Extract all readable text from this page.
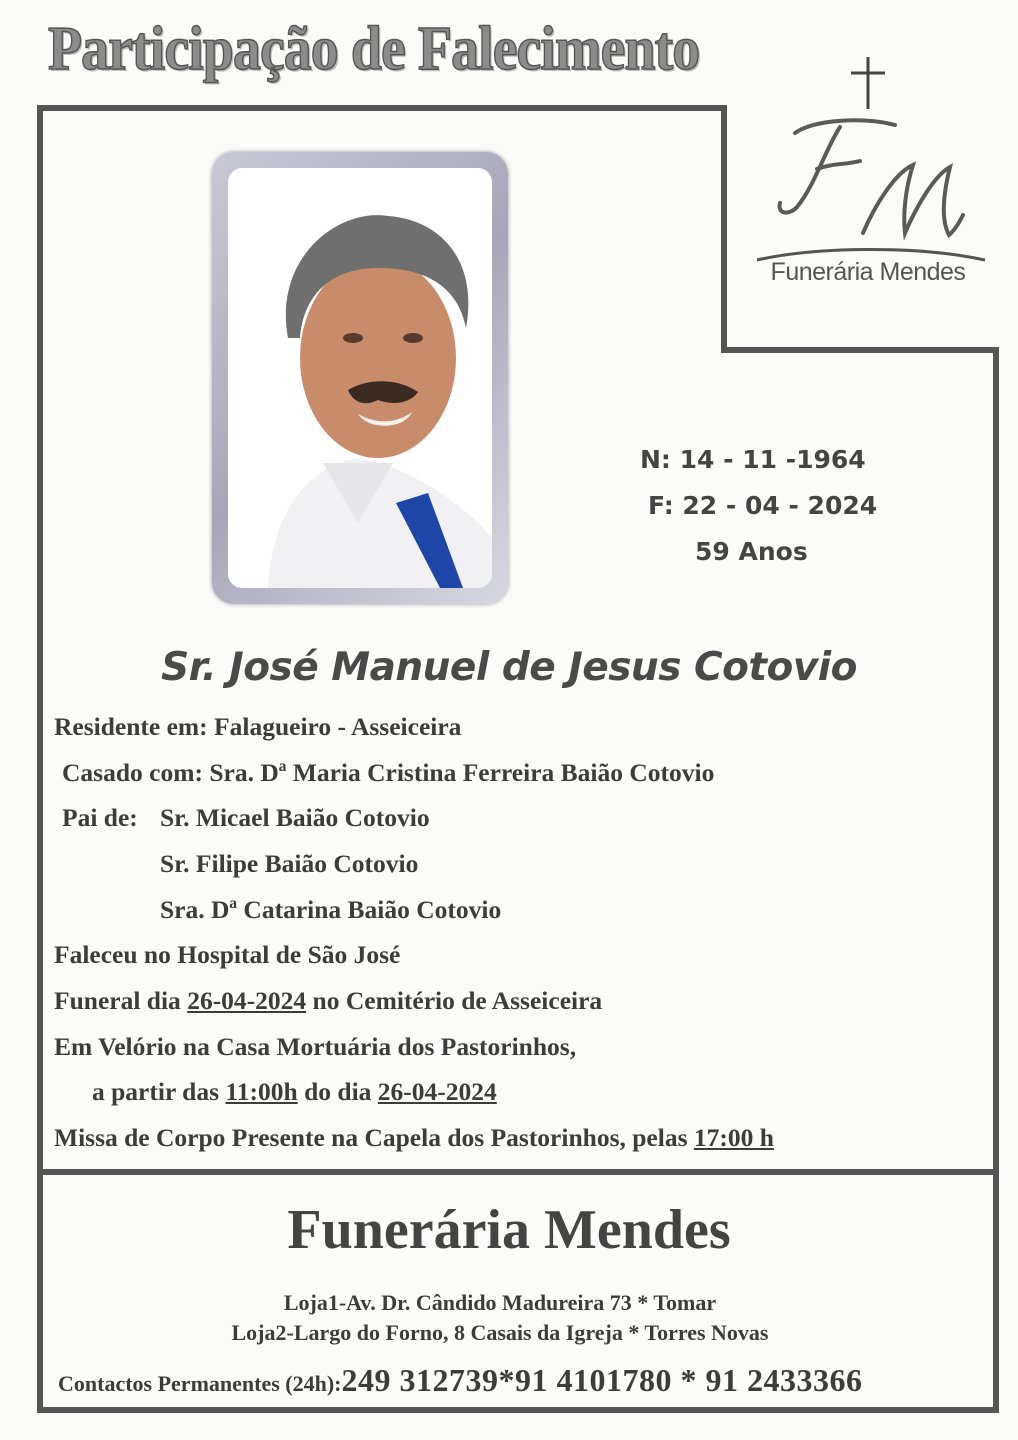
Participação de Falecimento
Funerária Mendes
N: 14 - 11 -1964
F: 22 - 04 - 2024
59 Anos
Sr. José Manuel de Jesus Cotovio
Residente em: Falagueiro - Asseiceira
Casado com: Sra. Dª Maria Cristina Ferreira Baião Cotovio
Pai de: Sr. Micael Baião Cotovio
Sr. Filipe Baião Cotovio
Sra. Dª Catarina Baião Cotovio
Faleceu no Hospital de São José
Funeral dia 26-04-2024 no Cemitério de Asseiceira
Em Velório na Casa Mortuária dos Pastorinhos,
a partir das 11:00h do dia 26-04-2024
Missa de Corpo Presente na Capela dos Pastorinhos, pelas 17:00 h
Funerária Mendes
Loja1-Av. Dr. Cândido Madureira 73 * Tomar
Loja2-Largo do Forno, 8 Casais da Igreja * Torres Novas
Contactos Permanentes (24h):249 312739*91 4101780 * 91 2433366
